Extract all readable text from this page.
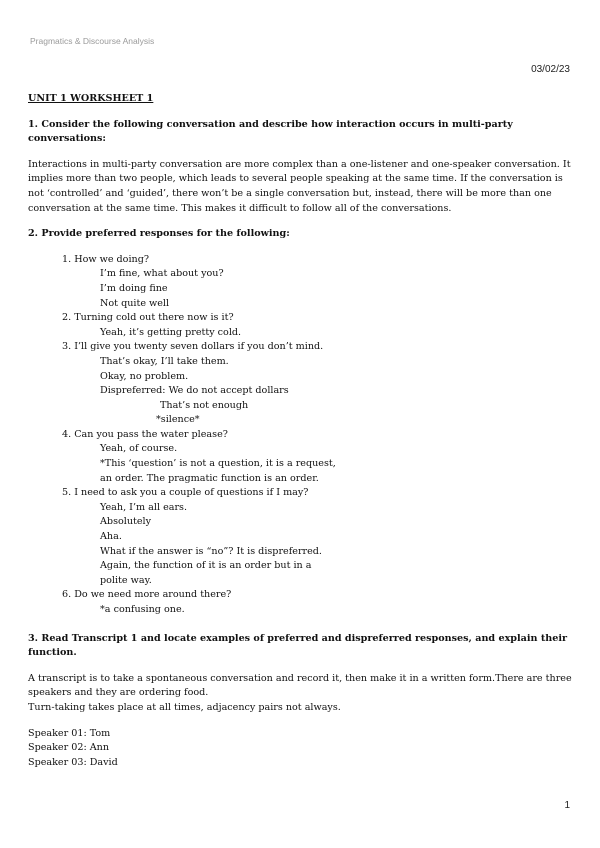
Pragmatics & Discourse Analysis
03/02/23

UNIT 1 WORKSHEET 1

1. Consider the following conversation and describe how interaction occurs in multi-party conversations:

Interactions in multi-party conversation are more complex than a one-listener and one-speaker conversation. It implies more than two people, which leads to several people speaking at the same time. If the conversation is not ‘controlled’ and ‘guided’, there won’t be a single conversation but, instead, there will be more than one conversation at the same time. This makes it difficult to follow all of the conversations.

2. Provide preferred responses for the following:

1. How we doing?

I’m fine, what about you?

I’m doing fine

Not quite well

2. Turning cold out there now is it?

Yeah, it’s getting pretty cold.

3. I’ll give you twenty seven dollars if you don’t mind.

That’s okay, I’ll take them.

Okay, no problem.

Dispreferred: We do not accept dollars

That’s not enough

*silence*

4. Can you pass the water please?

Yeah, of course.

*This ‘question’ is not a question, it is a request, an order. The pragmatic function is an order.

5. I need to ask you a couple of questions if I may?

Yeah, I’m all ears.

Absolutely

Aha.

What if the answer is “no”? It is dispreferred.

Again, the function of it is an order but in a polite way.

6. Do we need more around there?

*a confusing one.

3. Read Transcript 1 and locate examples of preferred and dispreferred responses, and explain their function.

A transcript is to take a spontaneous conversation and record it, then make it in a written form.There are three speakers and they are ordering food.

Turn-taking takes place at all times, adjacency pairs not always.

Speaker 01: Tom

Speaker 02: Ann

Speaker 03: David

1
